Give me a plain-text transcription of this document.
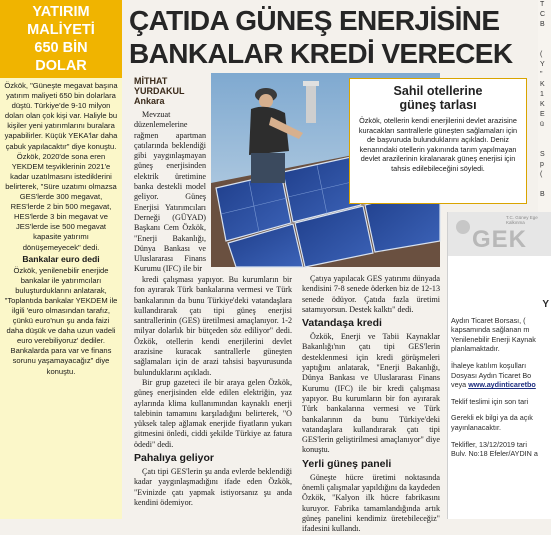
YATIRIM
MALİYETİ
650 BİN
DOLAR

Özkök, "Güneşte megavat başına yatırım maliyeti 650 bin dolarlara düştü. Türkiye'de 9-10 milyon doları olan çok kişi var. Haliyle bu kişiler yeni yatırımlarını buralara yapabilirler. Küçük YEKA'lar daha çabuk yapılacaktır" diye konuştu.

Özkök, 2020'de sona eren YEKDEM teşviklerinin 2021'e kadar uzatılmasını istediklerini belirterek, "Süre uzatımı olmazsa GES'lerde 300 megavat, RES'lerde 2 bin 500 megavat, HES'lerde 3 bin megavat ve JES'lerde ise 500 megavat kapasite yatırımı dönüşemeyecek" dedi.

Bankalar euro dedi

Özkök, yenilenebilir enerjide bankalar ile yatırımcıları buluşturduklarını anlatarak, "Toplantıda bankalar YEKDEM ile ilgili 'euro olmasından tarafız, çünkü euro'nun şu anda faizi daha düşük ve daha uzun vadeli euro verebiliyoruz' dediler. Bankalarda para var ve finans sorunu yaşamayacağız" diye konuştu.

ÇATIDA GÜNEŞ ENERJİSİNE
BANKALAR KREDİ VERECEK
MİTHAT
YURDAKUL
Ankara

Mevzuat düzenlemelerine rağmen apartman çatılarında beklendiği gibi yaygınlaşmayan güneş enerjisinden elektrik üretimine banka destekli model geliyor. Güneş Enerjisi Yatırımcıları Derneği (GÜYAD) Başkanı Cem Özkök, "Enerji Bakanlığı, Dünya Bankası ve Uluslararası Finans Kurumu (IFC) ile bir

Sahil otellerine
güneş tarlası

Özkök, otellerin kendi enerjilerini devlet arazisine kuracakları santrallerle güneşten sağlamaları için de başvuruda bulunduklarını açıkladı. Deniz kenarındaki otellerin yakınında tarım yapılmayan devlet arazilerinin kiralanarak güneş enerjisi için tahsis edilebileceğini söyledi.

kredi çalışması yapıyor. Bu kurumların bir fon ayırarak Türk bankalarına vermesi ve Türk bankalarının da bunu Türkiye'deki vatandaşlara kullandırarak çatı tipi güneş enerjisi santrallerinin (GES) üretilmesi amaçlanıyor. 1-2 milyar dolarlık bir bütçeden söz ediliyor" dedi. Özkök, otellerin kendi enerjilerini devlet arazisine kuracak santrallerle güneşten sağlamaları için de arazi tahsisi başvurusunda bulunduklarını açıkladı.

Bir grup gazeteci ile bir araya gelen Özkök, güneş enerjisinden elde edilen elektriğin, yaz aylarında klima kullanımından kaynaklı enerji talebinin tamamını karşıladığını belirterek, "O yüksek talep ağlamak enerjide fiyatların yukarı gitmesini önledi, ciddi şekilde Türkiye az fatura ödedi" dedi.

Pahalıya geliyor

Çatı tipi GES'lerin şu anda evlerde beklendiği kadar yaygınlaşmadığını ifade eden Özkök, "Evinizde çatı yapmak istiyorsanız şu anda kendini ödemiyor.

Çatıya yapılacak GES yatırımı dünyada kendisini 7-8 senede öderken biz de 12-13 senede ödüyor. Çatıda fazla üretimi satamıyorsun. Destek kalktı" dedi.

Vatandaşa kredi

Özkök, Enerji ve Tabii Kaynaklar Bakanlığı'nın çatı tipi GES'lerin desteklenmesi için kredi görüşmeleri yaptığını anlatarak, "Enerji Bakanlığı, Dünya Bankası ve Uluslararası Finans Kurumu (IFC) ile bir kredi çalışması yapıyor. Bu kurumların bir fon ayırarak Türk bankalarına vermesi ve Türk bankalarının da bunu Türkiye'deki vatandaşlara kullandırarak çatı tipi GES'lerin geliştirilmesi amaçlanıyor" diye konuştu.

Yerli güneş paneli

Güneşte hücre üretimi noktasında önemli çalışmalar yapıldığını da kaydeden Özkök, "Kalyon ilk hücre fabrikasını kuruyor. Fabrika tamamlandığında artık güneş panelini kendimiz üretebileceğiz" ifadesini kullandı.

T
C
B

(
Y
"
K
1
K
E
ü

S
p
(

B
T.C. Güney Ege Kalkınma
GEK
Y
Aydın Ticaret Borsası, (
kapsamında sağlanan m
Yenilenebilir Enerji Kaynak
planlamaktadır.
İhaleye katılım koşulları
Dosyası Aydın Ticaret Bo
veya www.aydinticaretbo
Teklif teslimi için son tari
Gerekli ek bilgi ya da açık
yayınlanacaktır.
Teklifler, 13/12/2019 tari
Bulv. No:18 Efeler/AYDIN a
